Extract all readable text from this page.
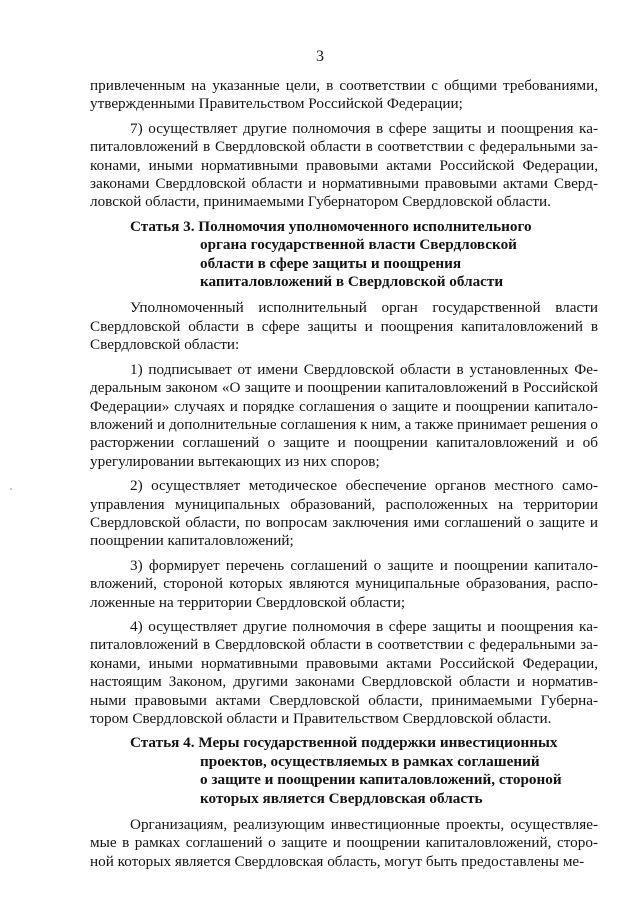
3

привлеченным на указанные цели, в соответствии с общими требованиями, утвержденными Правительством Российской Федерации;

7) осуществляет другие полномочия в сфере защиты и поощрения капиталовложений в Свердловской области в соответствии с федеральными законами, иными нормативными правовыми актами Российской Федерации, законами Свердловской области и нормативными правовыми актами Свердловской области, принимаемыми Губернатором Свердловской области.

Статья 3. Полномочия уполномоченного исполнительного
органа государственной власти Свердловской
области в сфере защиты и поощрения
капиталовложений в Свердловской области

Уполномоченный исполнительный орган государственной власти Свердловской области в сфере защиты и поощрения капиталовложений в Свердловской области:

1) подписывает от имени Свердловской области в установленных Федеральным законом «О защите и поощрении капиталовложений в Российской Федерации» случаях и порядке соглашения о защите и поощрении капиталовложений и дополнительные соглашения к ним, а также принимает решения о расторжении соглашений о защите и поощрении капиталовложений и об урегулировании вытекающих из них споров;

2) осуществляет методическое обеспечение органов местного самоуправления муниципальных образований, расположенных на территории Свердловской области, по вопросам заключения ими соглашений о защите и поощрении капиталовложений;

3) формирует перечень соглашений о защите и поощрении капиталовложений, стороной которых являются муниципальные образования, расположенные на территории Свердловской области;

4) осуществляет другие полномочия в сфере защиты и поощрения капиталовложений в Свердловской области в соответствии с федеральными законами, иными нормативными правовыми актами Российской Федерации, настоящим Законом, другими законами Свердловской области и нормативными правовыми актами Свердловской области, принимаемыми Губернатором Свердловской области и Правительством Свердловской области.

Статья 4. Меры государственной поддержки инвестиционных
проектов, осуществляемых в рамках соглашений
о защите и поощрении капиталовложений, стороной
которых является Свердловская область

Организациям, реализующим инвестиционные проекты, осуществляемые в рамках соглашений о защите и поощрении капиталовложений, стороной которых является Свердловская область, могут быть предоставлены ме-
